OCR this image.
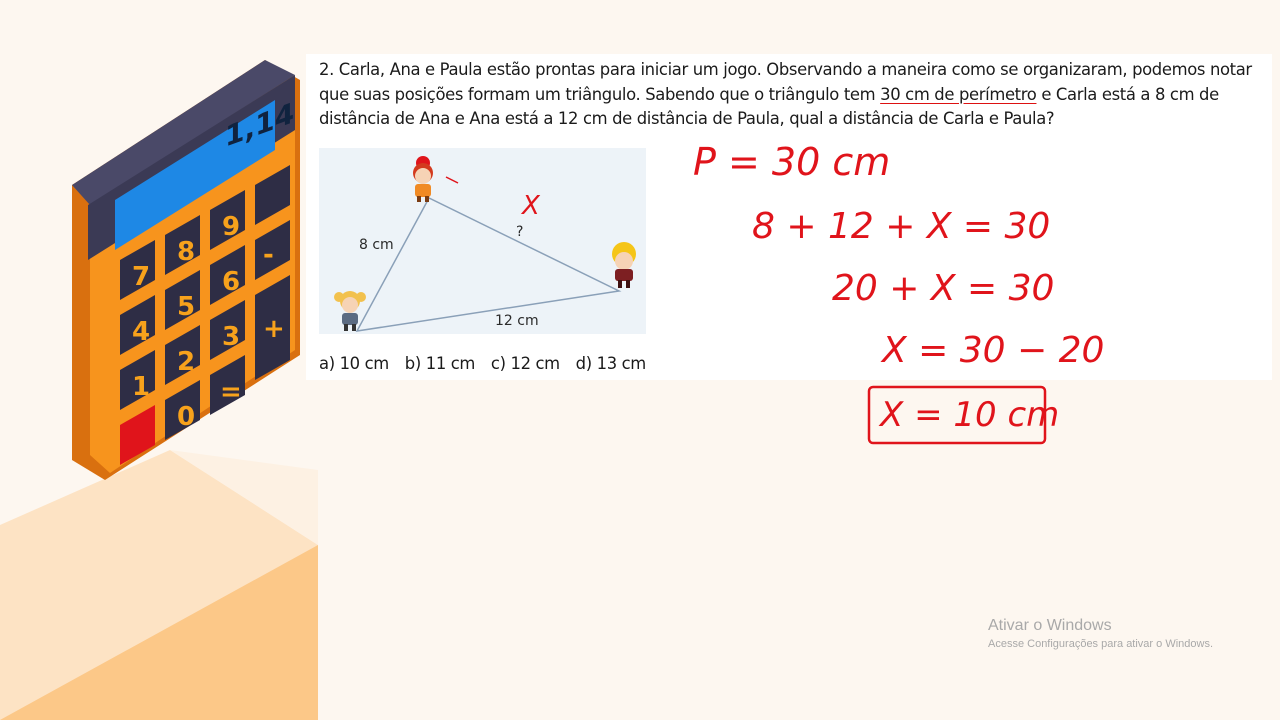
2. Carla, Ana e Paula estão prontas para iniciar um jogo. Observando a maneira como se organizaram, podemos notar que suas posições formam um triângulo. Sabendo que o triângulo tem 30 cm de perímetro e Carla está a 8 cm de distância de Ana e Ana está a 12 cm de distância de Paula, qual a distância de Carla e Paula?

8 cm
12 cm
?
a) 10 cm b) 11 cm c) 12 cm d) 13 cm
1,14
7
8
9
4
5
6
-
1
2
3 +
0
=
X
P = 30 cm
8 + 12 + X = 30
20 + X = 30
X = 30 − 20
X = 10 cm
Ativar o Windows
Acesse Configurações para ativar o Windows.
